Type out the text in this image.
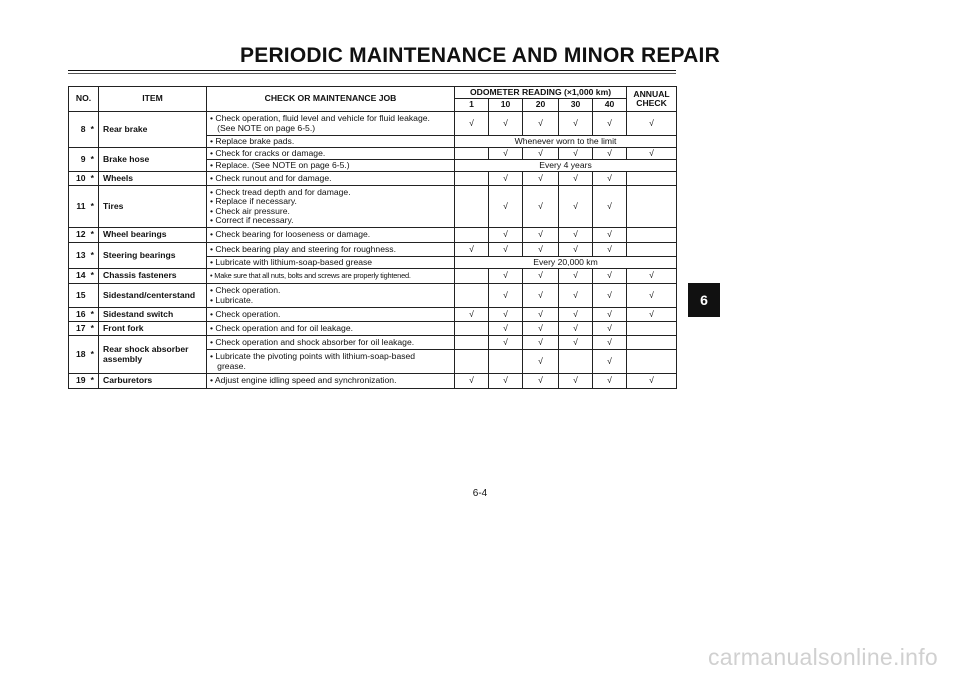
PERIODIC MAINTENANCE AND MINOR REPAIR
NO.		ITEM	CHECK OR MAINTENANCE JOB	ODOMETER READING (×1,000 km)					ANNUAL
CHECK

				1	10	20	30	40	
8	*	Rear brake	• Check operation, fluid level and vehicle for fluid leakage.
(See NOTE on page 6-5.)	√	√	√	√	√	√

			• Replace brake pads.	Whenever worn to the limit					
9	*	Brake hose	• Check for cracks or damage.		√	√	√	√	√

			• Replace. (See NOTE on page 6-5.)	Every 4 years					
10	*	Wheels	• Check runout and for damage.		√	√	√	√	
11	*	Tires	• Check tread depth and for damage.
• Replace if necessary.
• Check air pressure.
• Correct if necessary.		√	√	√	√	
12	*	Wheel bearings	• Check bearing for looseness or damage.		√	√	√	√	
13	*	Steering bearings	• Check bearing play and steering for roughness.	√	√	√	√	√	

			• Lubricate with lithium-soap-based grease	Every 20,000 km					
14	*	Chassis fasteners	• Make sure that all nuts, bolts and screws are properly tightened.		√	√	√	√	√
15		Sidestand/centerstand	• Check operation.
• Lubricate.		√	√	√	√	√
16	*	Sidestand switch	• Check operation.	√	√	√	√	√	√
17	*	Front fork	• Check operation and for oil leakage.		√	√	√	√	
18	*	Rear shock absorber
assembly	• Check operation and shock absorber for oil leakage.		√	√	√	√	

			• Lubricate the pivoting points with lithium-soap-based
grease.			√		√	
19	*	Carburetors	• Adjust engine idling speed and synchronization.	√	√	√	√	√	√
6
6-4
carmanualsonline.info
